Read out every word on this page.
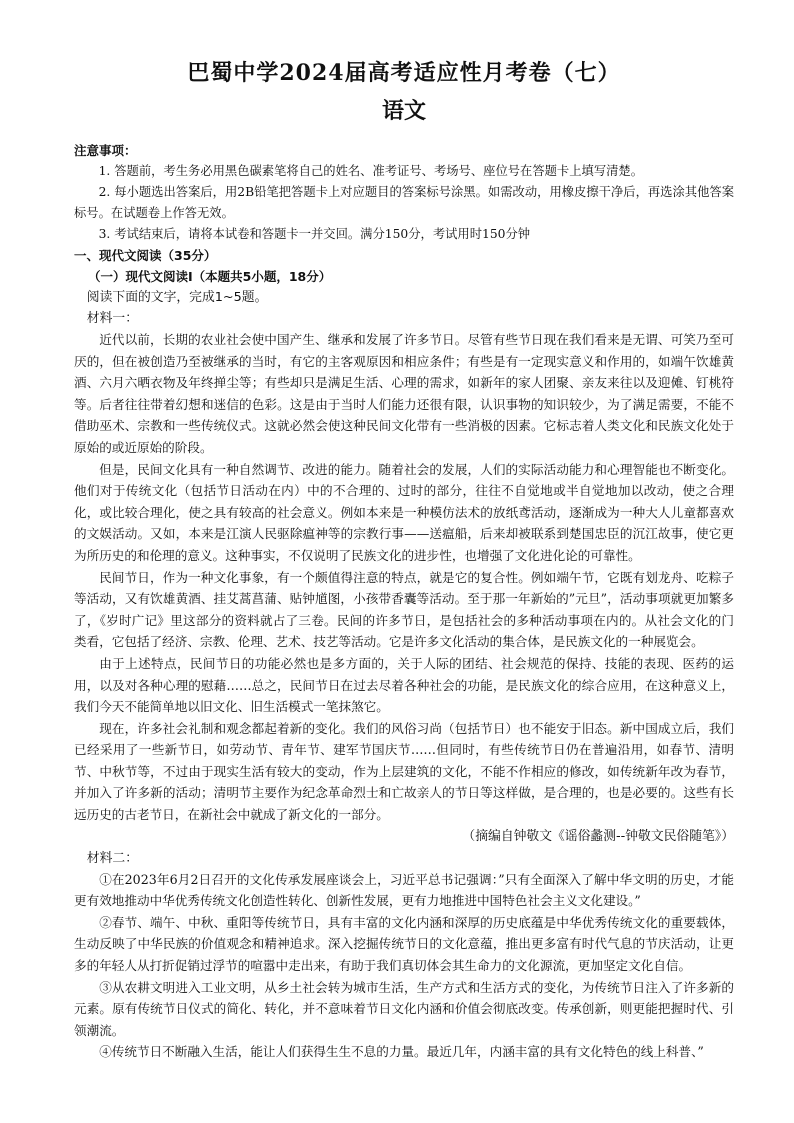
巴蜀中学2024届高考适应性月考卷（七）
语文

注意事项：

1. 答题前，考生务必用黑色碳素笔将自己的姓名、准考证号、考场号、座位号在答题卡上填写清楚。

2. 每小题选出答案后，用2B铅笔把答题卡上对应题目的答案标号涂黑。如需改动，用橡皮擦干净后，再选涂其他答案标号。在试题卷上作答无效。

3. 考试结束后，请将本试卷和答题卡一并交回。满分150分，考试用时150分钟

一、现代文阅读（35分）

（一）现代文阅读Ⅰ（本题共5小题，18分）

阅读下面的文字，完成1~5题。

材料一：

近代以前，长期的农业社会使中国产生、继承和发展了许多节日。尽管有些节日现在我们看来是无谓、可笑乃至可厌的，但在被创造乃至被继承的当时，有它的主客观原因和相应条件；有些是有一定现实意义和作用的，如端午饮雄黄酒、六月六晒衣物及年终掸尘等；有些却只是满足生活、心理的需求，如新年的家人团聚、亲友来往以及迎傩、钉桃符等。后者往往带着幻想和迷信的色彩。这是由于当时人们能力还很有限，认识事物的知识较少，为了满足需要，不能不借助巫术、宗教和一些传统仪式。这就必然会使这种民间文化带有一些消极的因素。它标志着人类文化和民族文化处于原始的或近原始的阶段。

但是，民间文化具有一种自然调节、改进的能力。随着社会的发展，人们的实际活动能力和心理智能也不断变化。他们对于传统文化（包括节日活动在内）中的不合理的、过时的部分，往往不自觉地或半自觉地加以改动，使之合理化，或比较合理化，使之具有较高的社会意义。例如本来是一种模仿法术的放纸鸢活动，逐渐成为一种大人儿童都喜欢的文娱活动。又如，本来是江演人民驱除瘟神等的宗教行事——送瘟船，后来却被联系到楚国忠臣的沉江故事，使它更为所历史的和伦理的意义。这种事实，不仅说明了民族文化的进步性，也增强了文化进化论的可靠性。

民间节日，作为一种文化事象，有一个颇值得注意的特点，就是它的复合性。例如端午节，它既有划龙舟、吃粽子等活动，又有饮雄黄酒、挂艾蒿菖蒲、贴钟馗图，小孩带香囊等活动。至于那一年新始的”元旦”，活动事项就更加繁多了，《岁时广记》里这部分的资料就占了三卷。民间的许多节日，是包括社会的多种活动事项在内的。从社会文化的门类看，它包括了经济、宗教、伦理、艺术、技艺等活动。它是许多文化活动的集合体，是民族文化的一种展览会。

由于上述特点，民间节日的功能必然也是多方面的，关于人际的团结、社会规范的保持、技能的表现、医药的运用，以及对各种心理的慰藉……总之，民间节日在过去尽着各种社会的功能，是民族文化的综合应用，在这种意义上，我们今天不能简单地以旧文化、旧生活模式一笔抹煞它。

现在，许多社会礼制和观念都起着新的变化。我们的风俗习尚（包括节日）也不能安于旧态。新中国成立后，我们已经采用了一些新节日，如劳动节、青年节、建军节国庆节……但同时，有些传统节日仍在普遍沿用，如春节、清明节、中秋节等，不过由于现实生活有较大的变动，作为上层建筑的文化，不能不作相应的修改，如传统新年改为春节，并加入了许多新的活动；清明节主要作为纪念革命烈士和亡故亲人的节日等这样做，是合理的，也是必要的。这些有长远历史的古老节日，在新社会中就成了新文化的一部分。

（摘编自钟敬文《谣俗蠡测--钟敬文民俗随笔》）

材料二：

①在2023年6月2日召开的文化传承发展座谈会上，习近平总书记强调：”只有全面深入了解中华文明的历史，才能更有效地推动中华优秀传统文化创造性转化、创新性发展，更有力地推进中国特色社会主义文化建设。”

②春节、端午、中秋、重阳等传统节日，具有丰富的文化内涵和深厚的历史底蕴是中华优秀传统文化的重要载体，生动反映了中华民族的价值观念和精神追求。深入挖掘传统节日的文化意蕴，推出更多富有时代气息的节庆活动，让更多的年轻人从打折促销过浮节的喧嚣中走出来，有助于我们真切体会其生命力的文化源流，更加坚定文化自信。

③从农耕文明进入工业文明，从乡土社会转为城市生活，生产方式和生活方式的变化，为传统节日注入了许多新的元素。原有传统节日仪式的简化、转化，并不意味着节日文化内涵和价值会彻底改变。传承创新，则更能把握时代、引领潮流。

④传统节日不断融入生活，能让人们获得生生不息的力量。最近几年，内涵丰富的具有文化特色的线上科普、”
